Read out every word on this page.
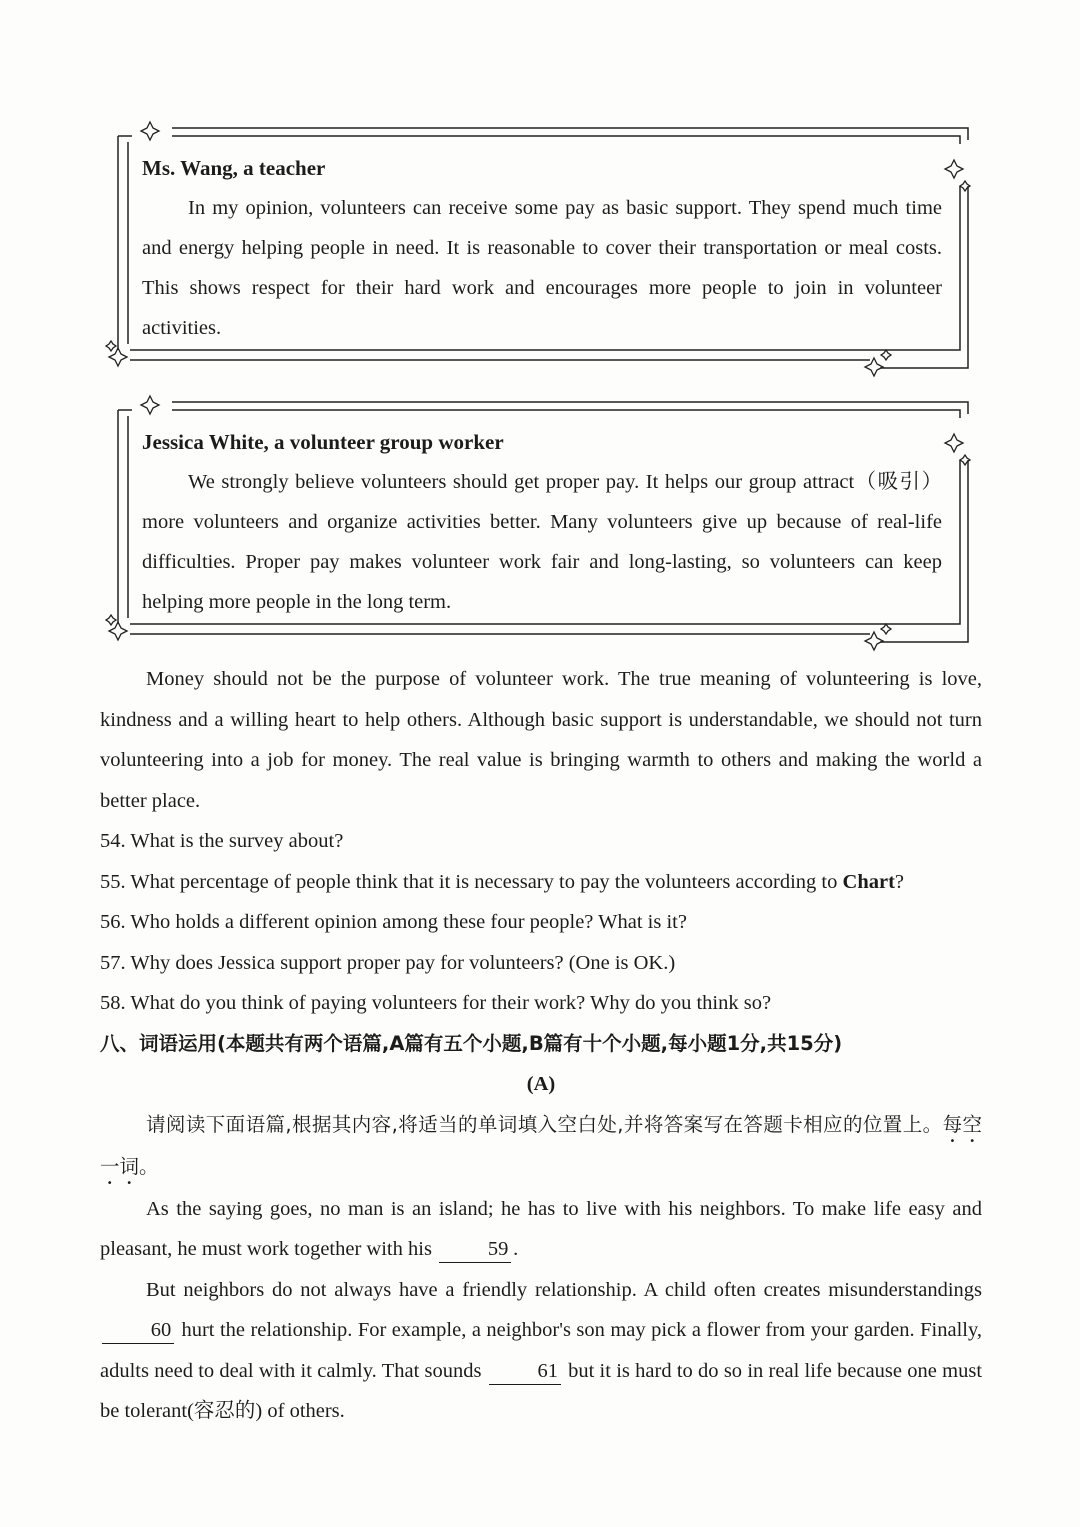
Ms. Wang, a teacher
In my opinion, volunteers can receive some pay as basic support. They spend much time and energy helping people in need. It is reasonable to cover their transportation or meal costs. This shows respect for their hard work and encourages more people to join in volunteer activities.
Jessica White, a volunteer group worker
We strongly believe volunteers should get proper pay. It helps our group attract（吸引）more volunteers and organize activities better. Many volunteers give up because of real-life difficulties. Proper pay makes volunteer work fair and long-lasting, so volunteers can keep helping more people in the long term.

Money should not be the purpose of volunteer work. The true meaning of volunteering is love, kindness and a willing heart to help others. Although basic support is understandable, we should not turn volunteering into a job for money. The real value is bringing warmth to others and making the world a better place.

54. What is the survey about?

55. What percentage of people think that it is necessary to pay the volunteers according to Chart?

56. Who holds a different opinion among these four people? What is it?

57. Why does Jessica support proper pay for volunteers? (One is OK.)

58. What do you think of paying volunteers for their work? Why do you think so?

八、词语运用(本题共有两个语篇,A篇有五个小题,B篇有十个小题,每小题1分,共15分)

(A)

请阅读下面语篇,根据其内容,将适当的单词填入空白处,并将答案写在答题卡相应的位置上。每空一词。

As the saying goes, no man is an island; he has to live with his neighbors. To make life easy and pleasant, he must work together with his	59 .

But neighbors do not always have a friendly relationship. A child often creates misunderstandings 60 hurt the relationship. For example, a neighbor's son may pick a flower from your garden. Finally, adults need to deal with it calmly. That sounds	61 but it is hard to do so in real life because one must be tolerant(容忍的) of others.
